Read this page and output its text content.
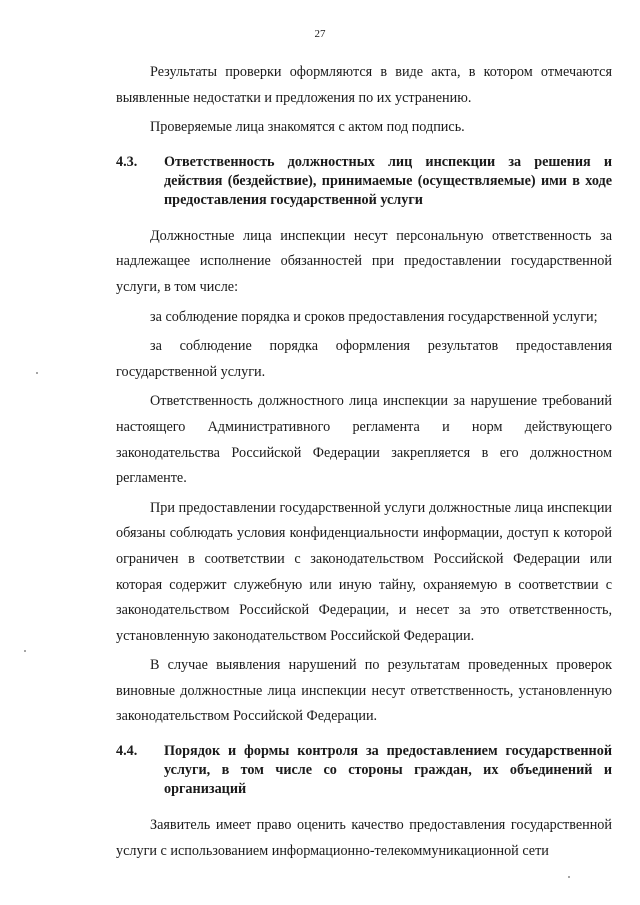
27

Результаты проверки оформляются в виде акта, в котором отмечаются выявленные недостатки и предложения по их устранению.

Проверяемые лица знакомятся с актом под подпись.

4.3.	Ответственность должностных лиц инспекции за решения и действия (бездействие), принимаемые (осуществляемые) ими в ходе предоставления государственной услуги

Должностные лица инспекции несут персональную ответственность за надлежащее исполнение обязанностей при предоставлении государственной услуги, в том числе:

за соблюдение порядка и сроков предоставления государственной услуги;

за соблюдение порядка оформления результатов предоставления государственной услуги.

Ответственность должностного лица инспекции за нарушение требований настоящего Административного регламента и норм действующего законодательства Российской Федерации закрепляется в его должностном регламенте.

При предоставлении государственной услуги должностные лица инспекции обязаны соблюдать условия конфиденциальности информации, доступ к которой ограничен в соответствии с законодательством Российской Федерации или которая содержит служебную или иную тайну, охраняемую в соответствии с законодательством Российской Федерации, и несет за это ответственность, установленную законодательством Российской Федерации.

В случае выявления нарушений по результатам проведенных проверок виновные должностные лица инспекции несут ответственность, установленную законодательством Российской Федерации.

4.4.	Порядок и формы контроля за предоставлением государственной услуги, в том числе со стороны граждан, их объединений и организаций

Заявитель имеет право оценить качество предоставления государственной услуги с использованием информационно-телекоммуникационной сети
